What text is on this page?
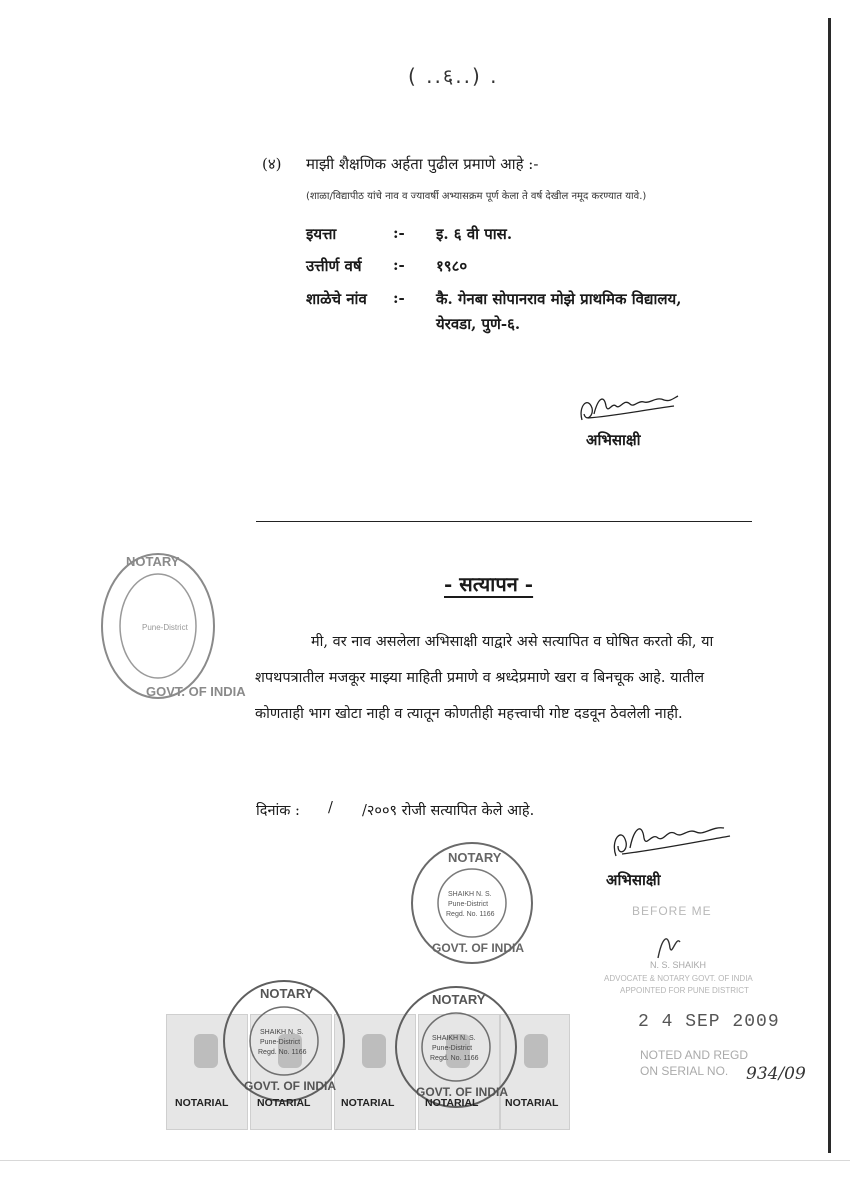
( ..६..) .
(४) माझी शैक्षणिक अर्हता पुढील प्रमाणे आहे :-
(शाळा/विद्यापीठ यांचे नाव व ज्यावर्षी अभ्यासक्रम पूर्ण केला ते वर्ष देखील नमूद करण्यात यावे.)
इयत्ता	:- इ. ६ वी पास.
उत्तीर्ण वर्ष :- १९८०
शाळेचे नांव :- कै. गेनबा सोपानराव मोझे प्राथमिक विद्यालय,
येरवडा, पुणे-६.
अभिसाक्षी
NOTARY
GOVT. OF INDIA
Pune-District
- सत्यापन -

मी, वर नाव असलेला अभिसाक्षी याद्वारे असे सत्यापित व घोषित करतो की, या शपथपत्रातील मजकूर माझ्या माहिती प्रमाणे व श्रध्देप्रमाणे खरा व बिनचूक आहे. यातील कोणताही भाग खोटा नाही व त्यातून कोणतीही महत्त्वाची गोष्ट दडवून ठेवलेली नाही.

दिनांक : / /२००९ रोजी सत्यापित केले आहे.
अभिसाक्षी
NOTARY
GOVT. OF INDIA
SHAIKH N. S.
Pune-District
Regd. No. 1166	BEFORE ME
N. S. SHAIKH
ADVOCATE & NOTARY GOVT. OF INDIA
APPOINTED FOR PUNE DISTRICT
2 4 SEP 2009
NOTED AND REGD
ON SERIAL NO. 934/09
NOTARY
GOVT. OF INDIA
SHAIKH N. S.
Pune-District
Regd. No. 1166
NOTARY
GOVT. OF INDIA
SHAIKH N. S.
Pune-District
Regd. No. 1166
NOTARIAL	NOTARIAL	NOTARIAL	NOTARIAL	NOTARIAL
